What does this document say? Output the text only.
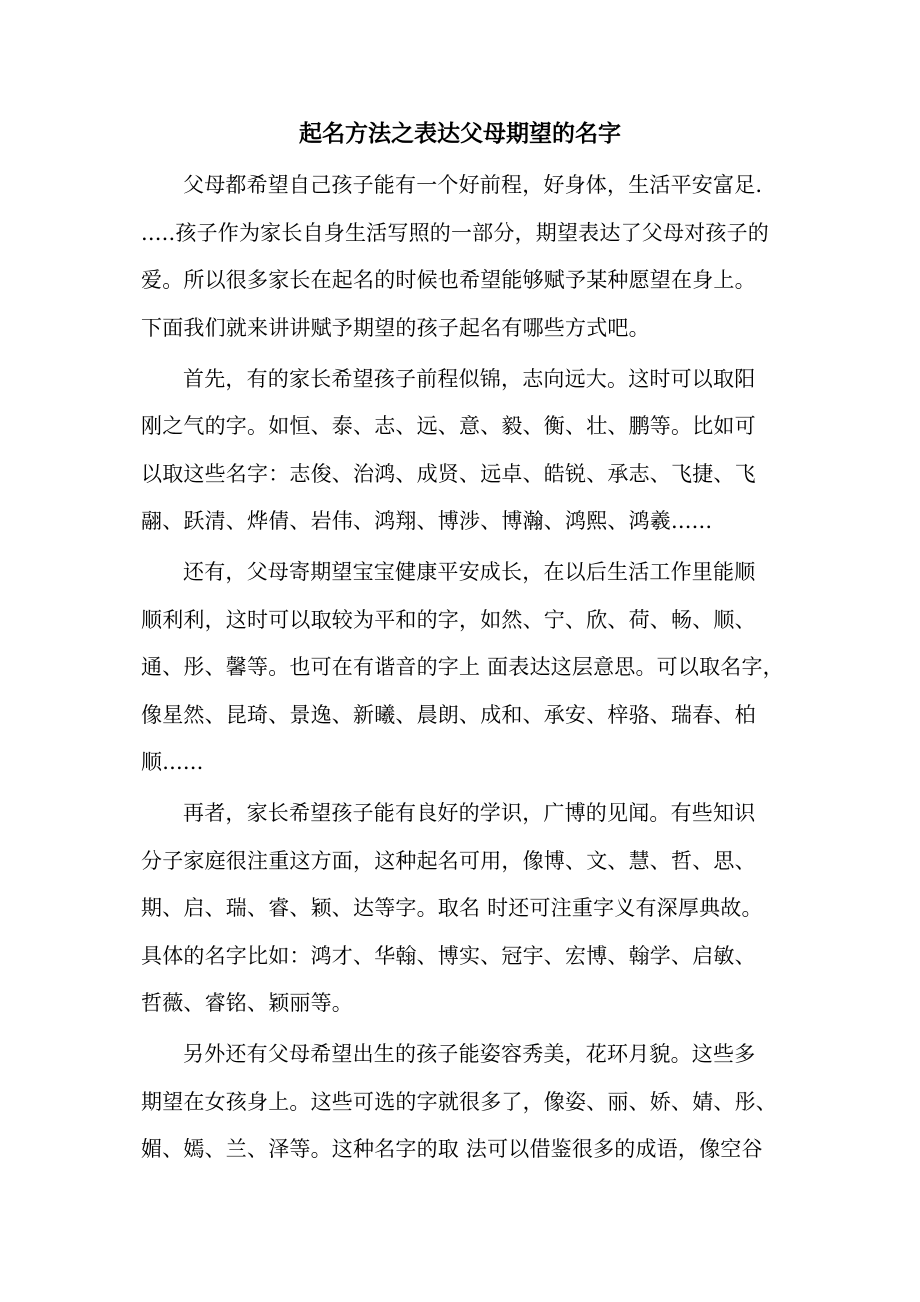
起名方法之表达父母期望的名字
父母都希望自己孩子能有一个好前程，好身体，生活平安富足.
.....孩子作为家长自身生活写照的一部分，期望表达了父母对孩子的
爱。所以很多家长在起名的时候也希望能够赋予某种愿望在身上。
下面我们就来讲讲赋予期望的孩子起名有哪些方式吧。
首先，有的家长希望孩子前程似锦，志向远大。这时可以取阳
刚之气的字。如恒、泰、志、远、意、毅、衡、壮、鹏等。比如可
以取这些名字：志俊、治鸿、成贤、远卓、皓锐、承志、飞捷、飞
翮、跃清、烨倩、岩伟、鸿翔、博涉、博瀚、鸿熙、鸿羲......
还有，父母寄期望宝宝健康平安成长，在以后生活工作里能顺
顺利利，这时可以取较为平和的字，如然、宁、欣、荷、畅、顺、
通、彤、馨等。也可在有谐音的字上 面表达这层意思。可以取名字，
像星然、昆琦、景逸、新曦、晨朗、成和、承安、梓骆、瑞春、柏
顺......
再者，家长希望孩子能有良好的学识，广博的见闻。有些知识
分子家庭很注重这方面，这种起名可用，像博、文、慧、哲、思、
期、启、瑞、睿、颖、达等字。取名 时还可注重字义有深厚典故。
具体的名字比如：鸿才、华翰、博实、冠宇、宏博、翰学、启敏、
哲薇、睿铭、颖丽等。
另外还有父母希望出生的孩子能姿容秀美，花环月貌。这些多
期望在女孩身上。这些可选的字就很多了，像姿、丽、娇、婧、彤、
媚、嫣、兰、泽等。这种名字的取 法可以借鉴很多的成语，像空谷
